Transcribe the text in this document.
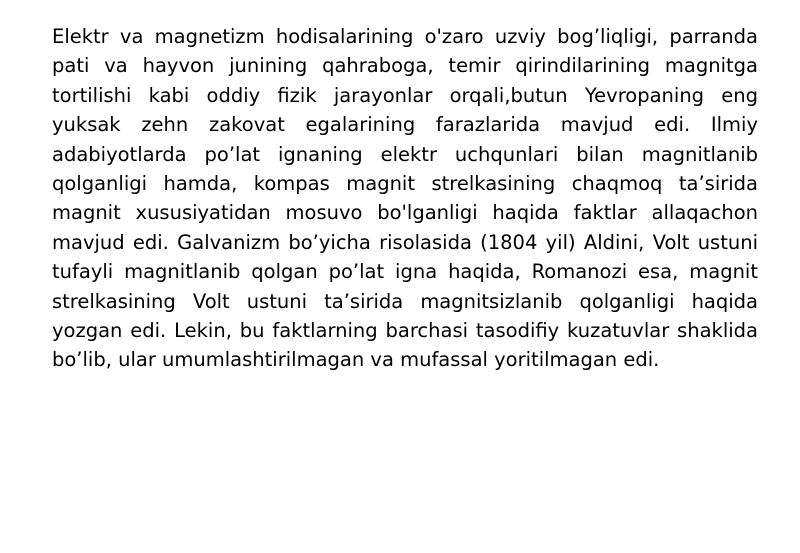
Elektr va magnetizm hodisalarining o'zaro uzviy bog’liqligi, parranda
pati va hayvon junining qahraboga, temir qirindilarining magnitga
tortilishi kabi oddiy fizik jarayonlar orqali,butun Yevropaning eng
yuksak zehn zakovat egalarining farazlarida mavjud edi. Ilmiy
adabiyotlarda po’lat ignaning elektr uchqunlari bilan magnitlanib
qolganligi hamda, kompas magnit strelkasining chaqmoq ta’sirida
magnit xususiyatidan mosuvo bo'lganligi haqida faktlar allaqachon
mavjud edi. Galvanizm bo’yicha risolasida (1804 yil) Aldini, Volt ustuni
tufayli magnitlanib qolgan po’lat igna haqida, Romanozi esa, magnit
strelkasining Volt ustuni ta’sirida magnitsizlanib qolganligi haqida
yozgan edi. Lekin, bu faktlarning barchasi tasodifiy kuzatuvlar shaklida
bo’lib, ular umumlashtirilmagan va mufassal yoritilmagan edi.
